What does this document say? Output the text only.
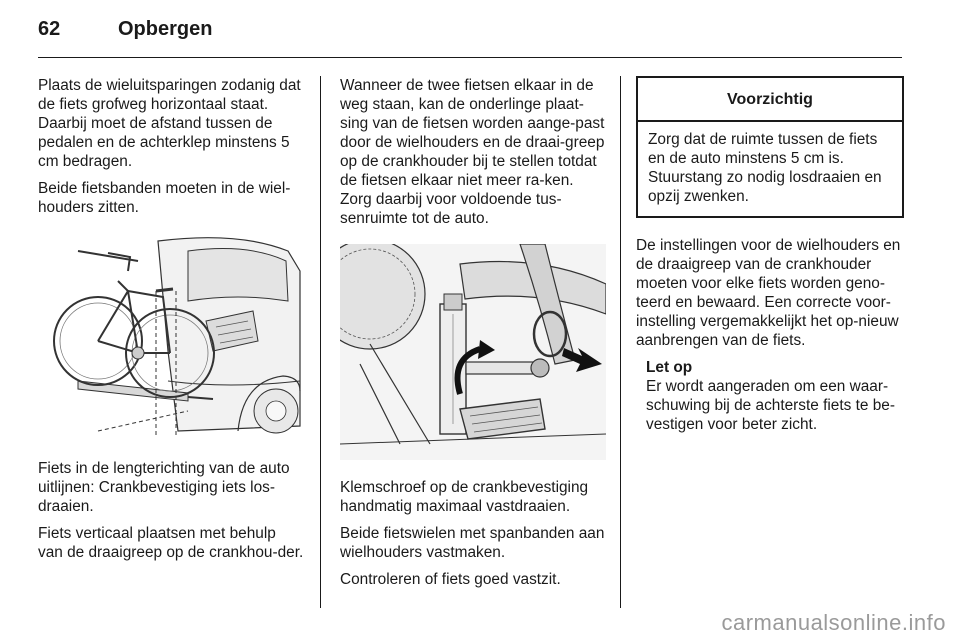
62	Opbergen

Plaats de wieluitsparingen zodanig dat de fiets grofweg horizontaal staat. Daarbij moet de afstand tussen de pedalen en de achterklep minstens 5 cm bedragen.

Beide fietsbanden moeten in de wiel-houders zitten.

Fiets in de lengterichting van de auto uitlijnen: Crankbevestiging iets los-draaien.

Fiets verticaal plaatsen met behulp van de draaigreep op de crankhou-der.

Wanneer de twee fietsen elkaar in de weg staan, kan de onderlinge plaat-sing van de fietsen worden aange-past door de wielhouders en de draai-greep op de crankhouder bij te stellen totdat de fietsen elkaar niet meer ra-ken. Zorg daarbij voor voldoende tus-senruimte tot de auto.

Klemschroef op de crankbevestiging handmatig maximaal vastdraaien.

Beide fietswielen met spanbanden aan wielhouders vastmaken.

Controleren of fiets goed vastzit.

Voorzichtig
Zorg dat de ruimte tussen de fiets en de auto minstens 5 cm is. Stuurstang zo nodig losdraaien en opzij zwenken.

De instellingen voor de wielhouders en de draaigreep van de crankhouder moeten voor elke fiets worden geno-teerd en bewaard. Een correcte voor-instelling vergemakkelijkt het op-nieuw aanbrengen van de fiets.

Let op
Er wordt aangeraden om een waar-schuwing bij de achterste fiets te be-vestigen voor beter zicht.
carmanualsonline.info
